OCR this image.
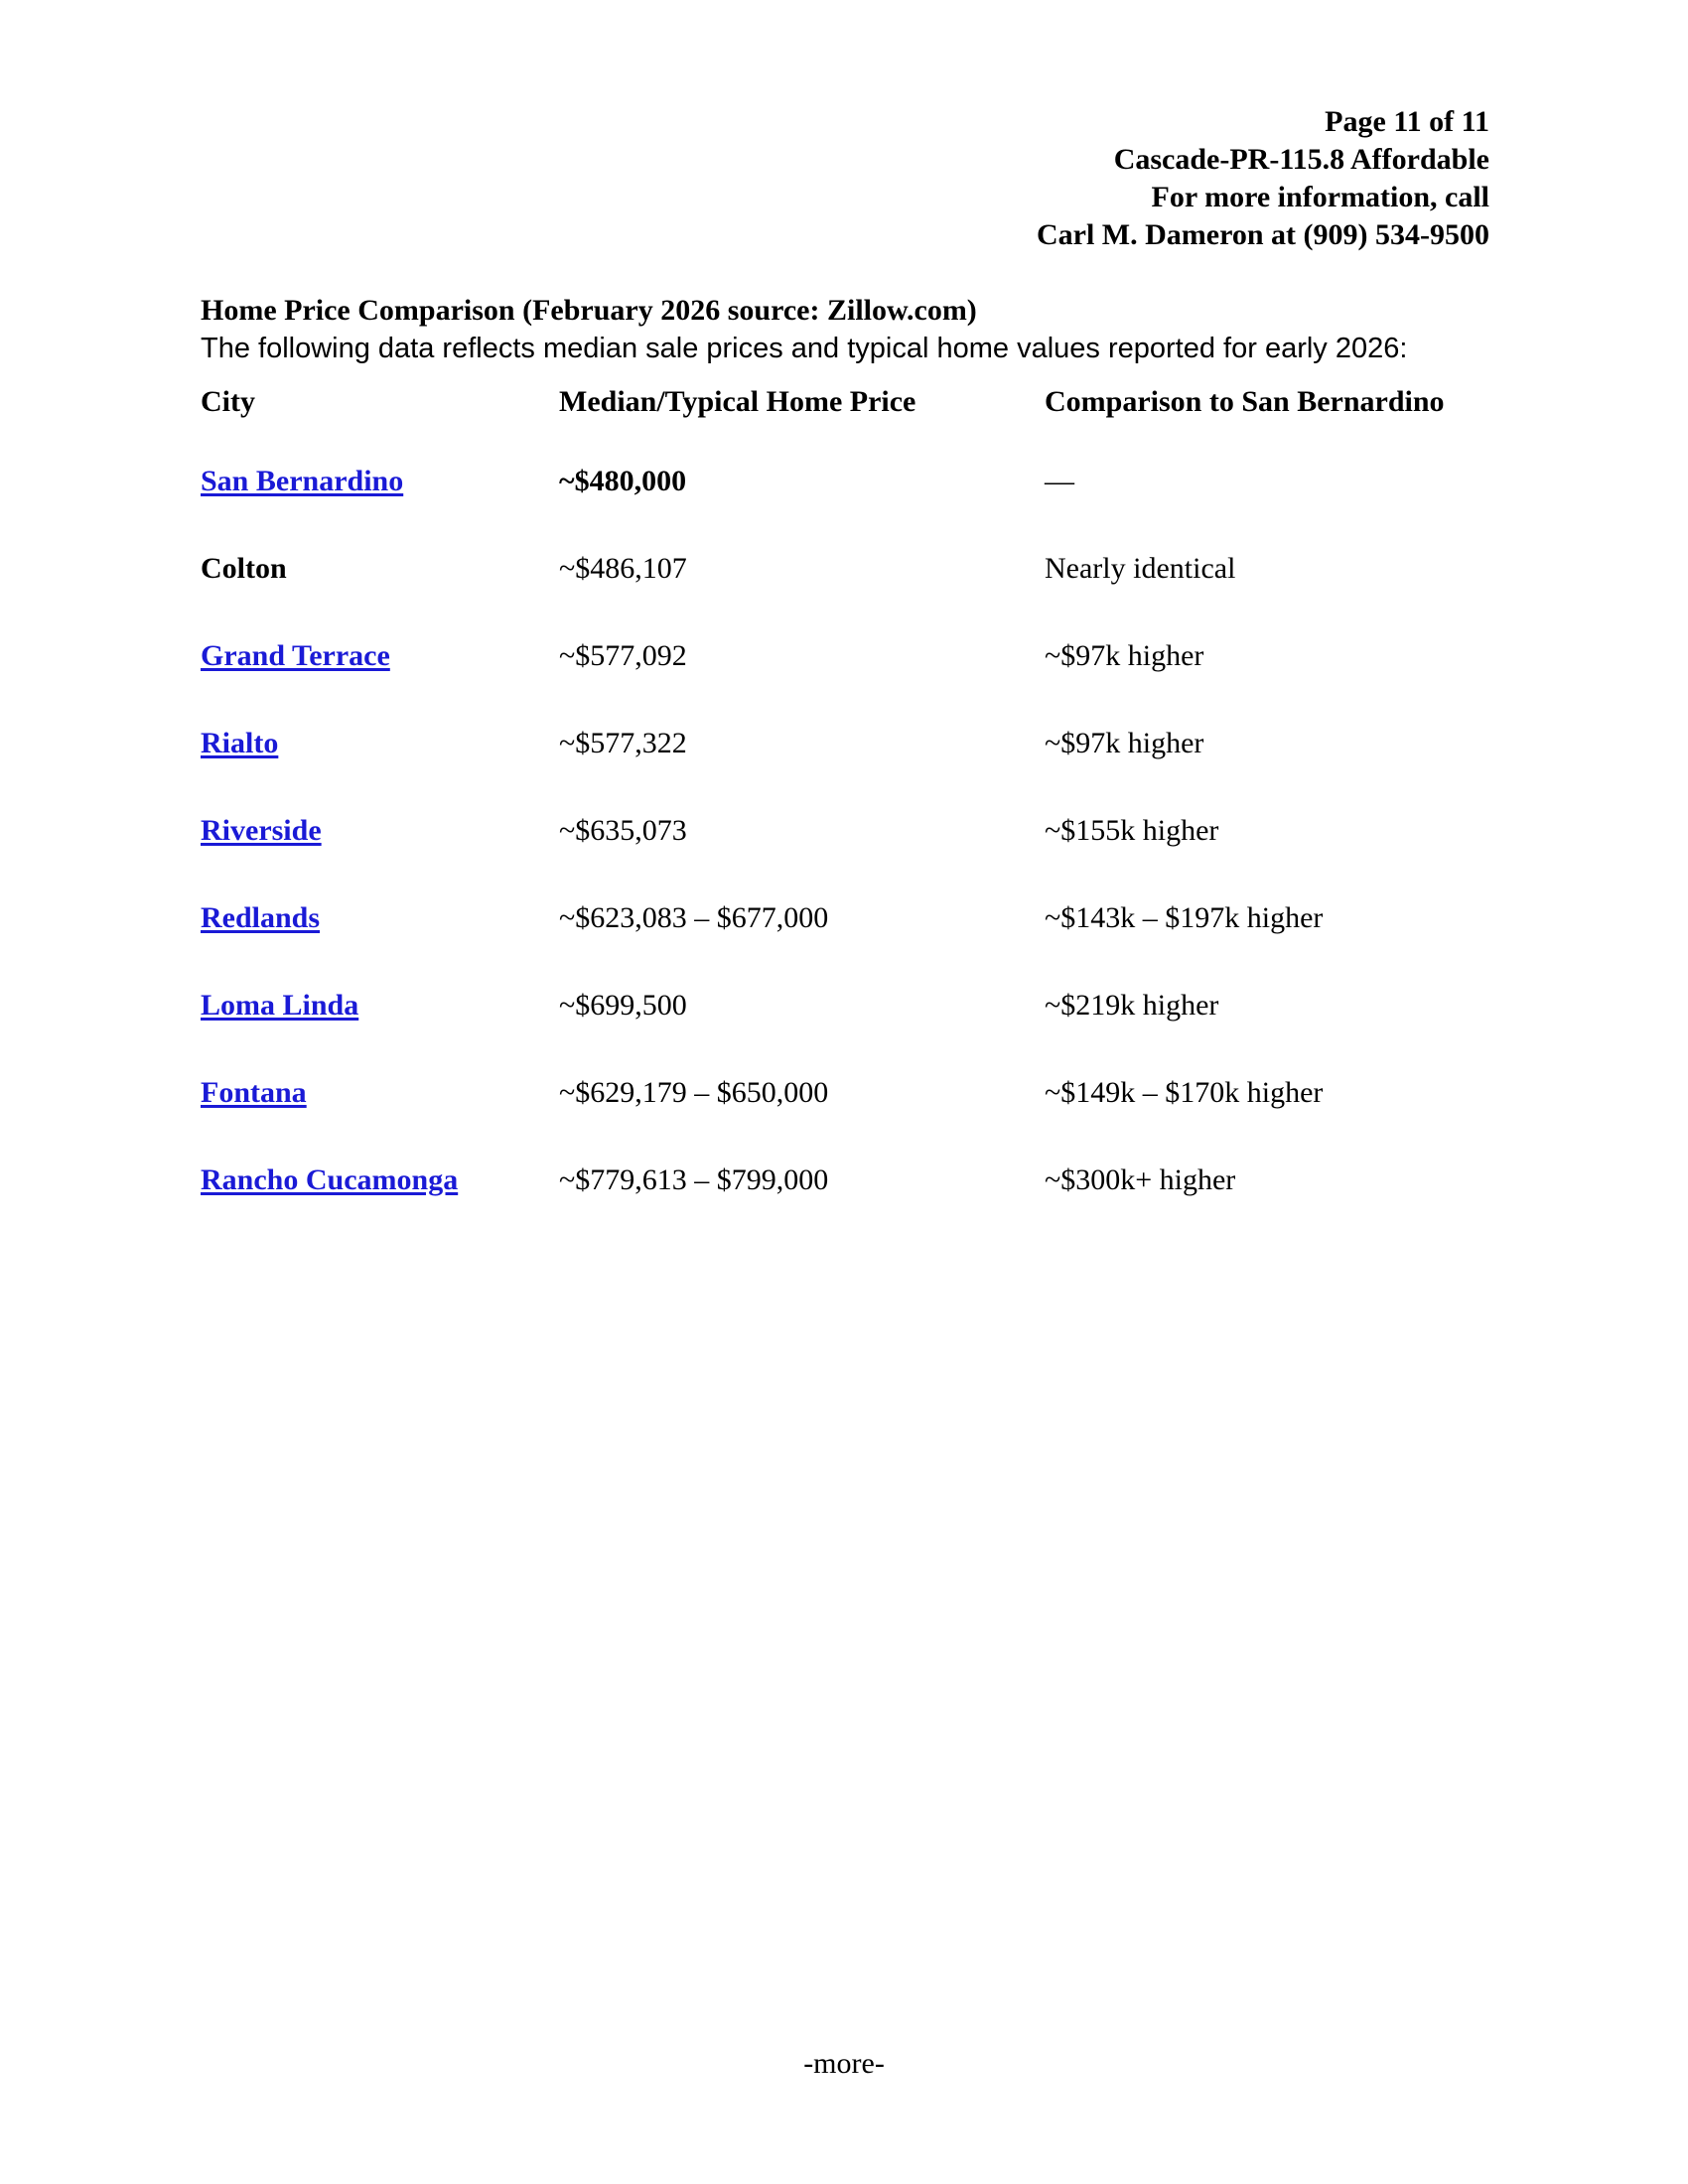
Page 11 of 11
Cascade-PR-115.8 Affordable
For more information, call
Carl M. Dameron at (909) 534-9500
Home Price Comparison (February 2026 source: Zillow.com)
The following data reflects median sale prices and typical home values reported for early 2026:
City	Median/Typical Home Price	Comparison to San Bernardino
San Bernardino	~$480,000	—
Colton	~$486,107	Nearly identical
Grand Terrace	~$577,092	~$97k higher
Rialto	~$577,322	~$97k higher
Riverside	~$635,073	~$155k higher
Redlands	~$623,083 – $677,000	~$143k – $197k higher
Loma Linda	~$699,500	~$219k higher
Fontana	~$629,179 – $650,000	~$149k – $170k higher
Rancho Cucamonga	~$779,613 – $799,000	~$300k+ higher
-more-
